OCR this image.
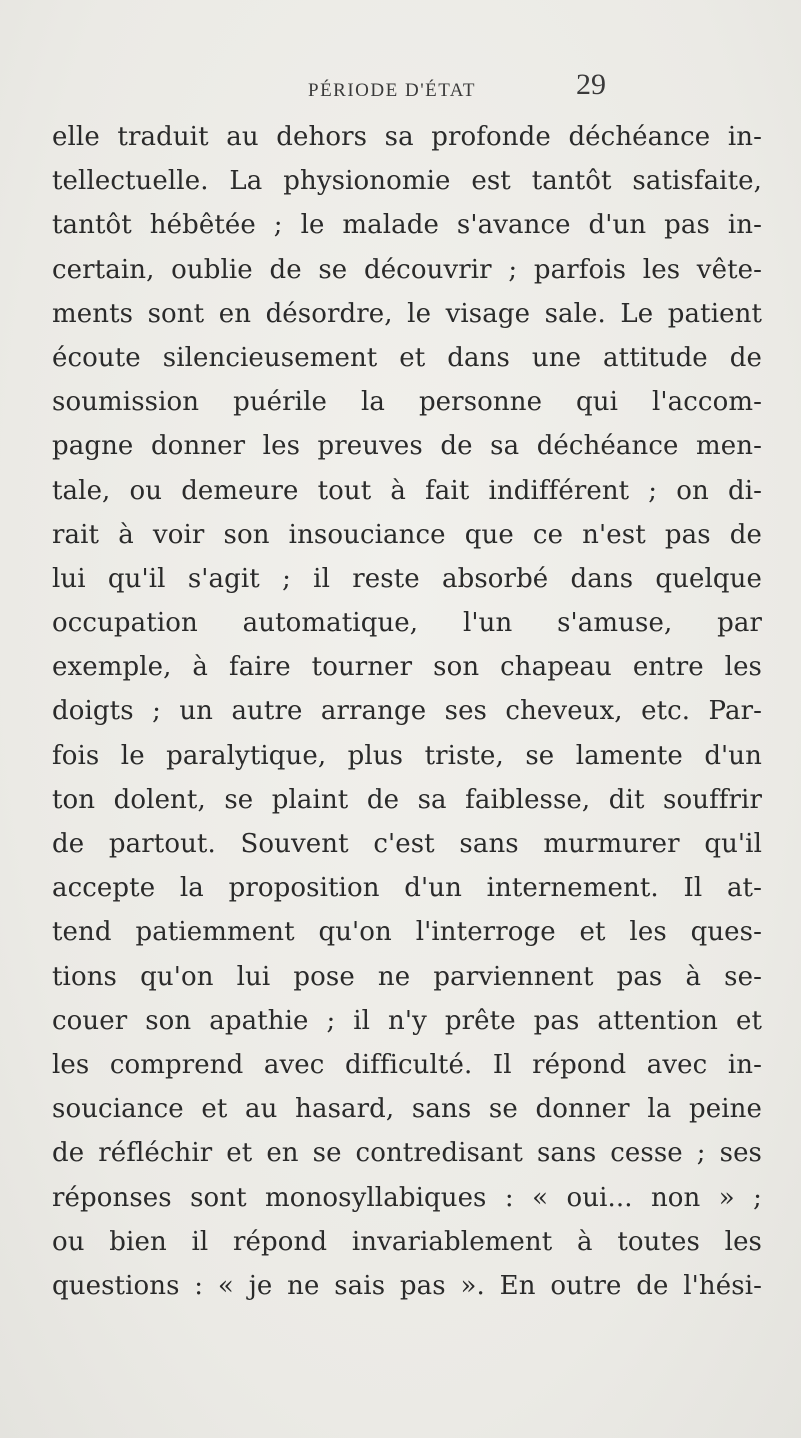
PÉRIODE D'ÉTAT	29
elle traduit au dehors sa profonde déchéance in-
tellectuelle. La physionomie est tantôt satisfaite,
tantôt hébêtée ; le malade s'avance d'un pas in-
certain, oublie de se découvrir ; parfois les vête-
ments sont en désordre, le visage sale. Le patient
écoute silencieusement et dans une attitude de
soumission puérile la personne qui l'accom-
pagne donner les preuves de sa déchéance men-
tale, ou demeure tout à fait indifférent ; on di-
rait à voir son insouciance que ce n'est pas de
lui qu'il s'agit ; il reste absorbé dans quelque
occupation automatique, l'un s'amuse, par
exemple, à faire tourner son chapeau entre les
doigts ; un autre arrange ses cheveux, etc. Par-
fois le paralytique, plus triste, se lamente d'un
ton dolent, se plaint de sa faiblesse, dit souffrir
de partout. Souvent c'est sans murmurer qu'il
accepte la proposition d'un internement. Il at-
tend patiemment qu'on l'interroge et les ques-
tions qu'on lui pose ne parviennent pas à se-
couer son apathie ; il n'y prête pas attention et
les comprend avec difficulté. Il répond avec in-
souciance et au hasard, sans se donner la peine
de réfléchir et en se contredisant sans cesse ; ses
réponses sont monosyllabiques : « oui... non » ;
ou bien il répond invariablement à toutes les
questions : « je ne sais pas ». En outre de l'hési-
